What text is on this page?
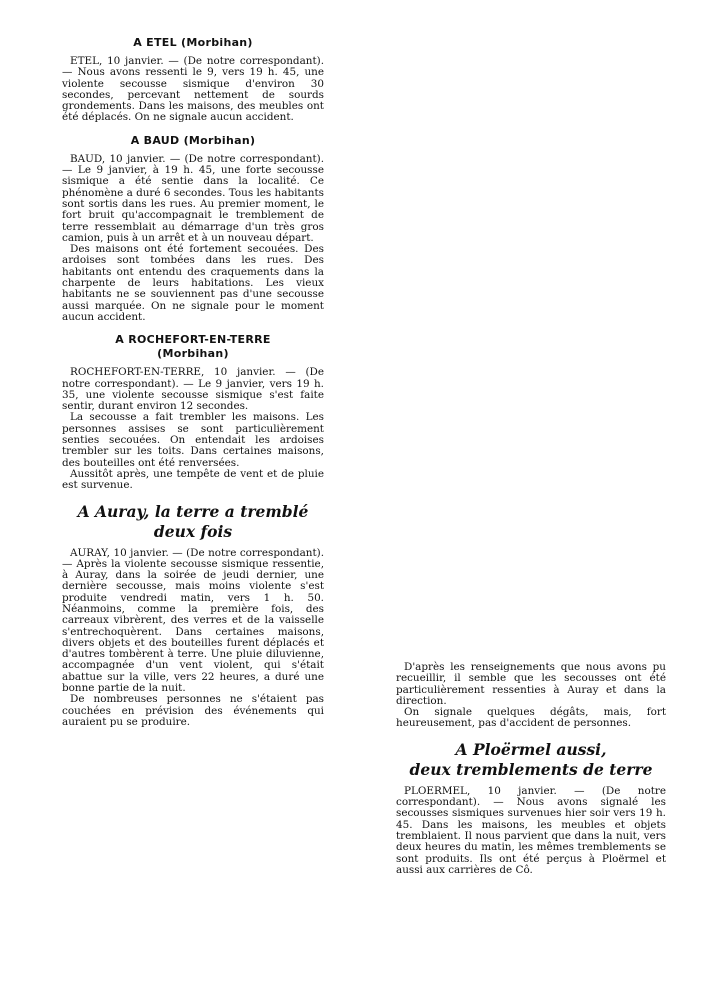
A ETEL (Morbihan)

ETEL, 10 janvier. — (De notre correspondant). — Nous avons ressenti le 9, vers 19 h. 45, une violente secousse sismique d'environ 30 secondes, percevant nettement de sourds grondements. Dans les maisons, des meubles ont été déplacés. On ne signale aucun accident.

A BAUD (Morbihan)

BAUD, 10 janvier. — (De notre correspondant). — Le 9 janvier, à 19 h. 45, une forte secousse sismique a été sentie dans la localité. Ce phénomène a duré 6 secondes. Tous les habitants sont sortis dans les rues. Au premier moment, le fort bruit qu'accompagnait le tremblement de terre ressemblait au démarrage d'un très gros camion, puis à un arrêt et à un nouveau départ.

Des maisons ont été fortement secouées. Des ardoises sont tombées dans les rues. Des habitants ont entendu des craquements dans la charpente de leurs habitations. Les vieux habitants ne se souviennent pas d'une secousse aussi marquée. On ne signale pour le moment aucun accident.

A ROCHEFORT-EN-TERRE
(Morbihan)

ROCHEFORT-EN-TERRE, 10 janvier. — (De notre correspondant). — Le 9 janvier, vers 19 h. 35, une violente secousse sismique s'est faite sentir, durant environ 12 secondes.

La secousse a fait trembler les maisons. Les personnes assises se sont particulièrement senties secouées. On entendait les ardoises trembler sur les toits. Dans certaines maisons, des bouteilles ont été renversées.

Aussitôt après, une tempête de vent et de pluie est survenue.

A Auray, la terre a tremblé

deux fois

AURAY, 10 janvier. — (De notre correspondant). — Après la violente secousse sismique ressentie, à Auray, dans la soirée de jeudi dernier, une dernière secousse, mais moins violente s'est produite vendredi matin, vers 1 h. 50. Néanmoins, comme la première fois, des carreaux vibrèrent, des verres et de la vaisselle s'entrechoquèrent. Dans certaines maisons, divers objets et des bouteilles furent déplacés et d'autres tombèrent à terre. Une pluie diluvienne, accompagnée d'un vent violent, qui s'était abattue sur la ville, vers 22 heures, a duré une bonne partie de la nuit.

De nombreuses personnes ne s'étaient pas couchées en prévision des événements qui auraient pu se produire.

D'après les renseignements que nous avons pu recueillir, il semble que les secousses ont été particulièrement ressenties à Auray et dans la direction.

On signale quelques dégâts, mais, fort heureusement, pas d'accident de personnes.

A Ploërmel aussi,

deux tremblements de terre

PLOERMEL, 10 janvier. — (De notre correspondant). — Nous avons signalé les secousses sismiques survenues hier soir vers 19 h. 45. Dans les maisons, les meubles et objets tremblaient. Il nous parvient que dans la nuit, vers deux heures du matin, les mêmes tremblements se sont produits. Ils ont été perçus à Ploërmel et aussi aux carrières de Cô.
